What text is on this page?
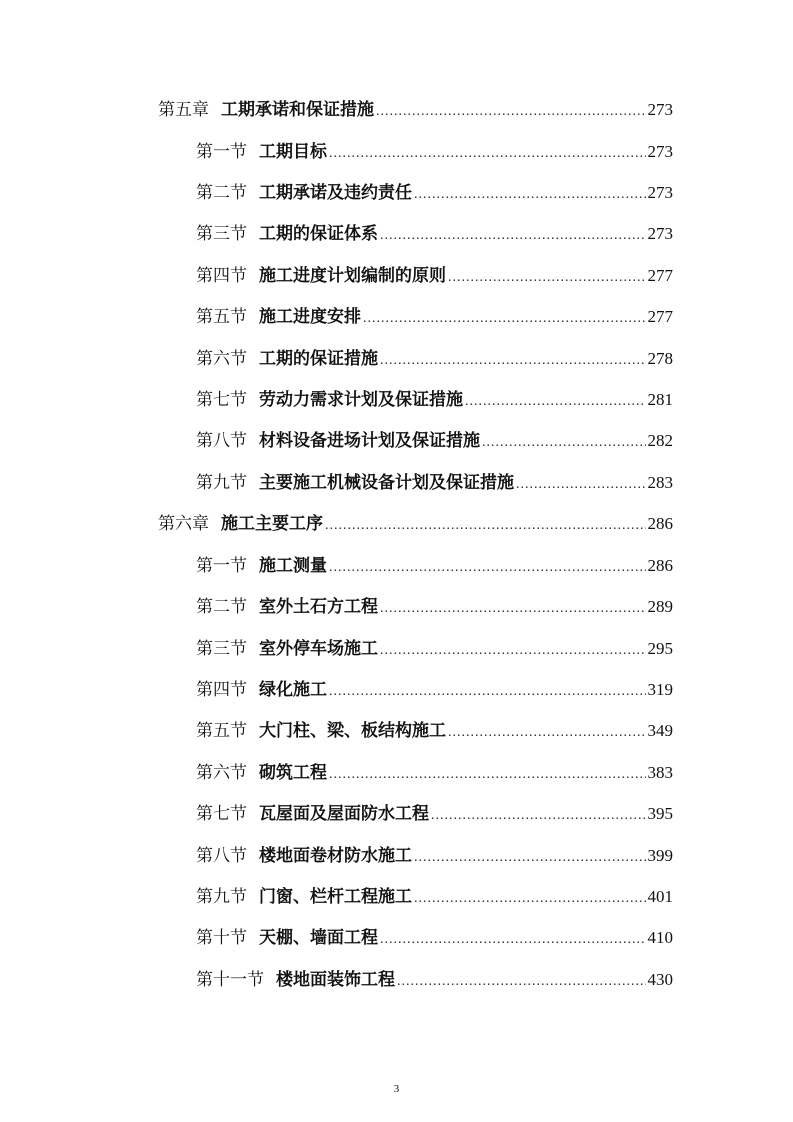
第五章 工期承诺和保证措施 .....	273
第一节 工期目标 .....	273
第二节 工期承诺及违约责任 .....	273
第三节 工期的保证体系 .....	273
第四节 施工进度计划编制的原则 .....	277
第五节 施工进度安排 .....	277
第六节 工期的保证措施 .....	278
第七节 劳动力需求计划及保证措施 .....	281
第八节 材料设备进场计划及保证措施 .....	282
第九节 主要施工机械设备计划及保证措施 .....	283
第六章 施工主要工序 .....	286
第一节 施工测量 .....	286
第二节 室外土石方工程 .....	289
第三节 室外停车场施工 .....	295
第四节 绿化施工 .....	319
第五节 大门柱、梁、板结构施工 .....	349
第六节 砌筑工程 .....	383
第七节 瓦屋面及屋面防水工程 .....	395
第八节 楼地面卷材防水施工 .....	399
第九节 门窗、栏杆工程施工 .....	401
第十节 天棚、墙面工程 .....	410
第十一节 楼地面装饰工程 .....	430
3
